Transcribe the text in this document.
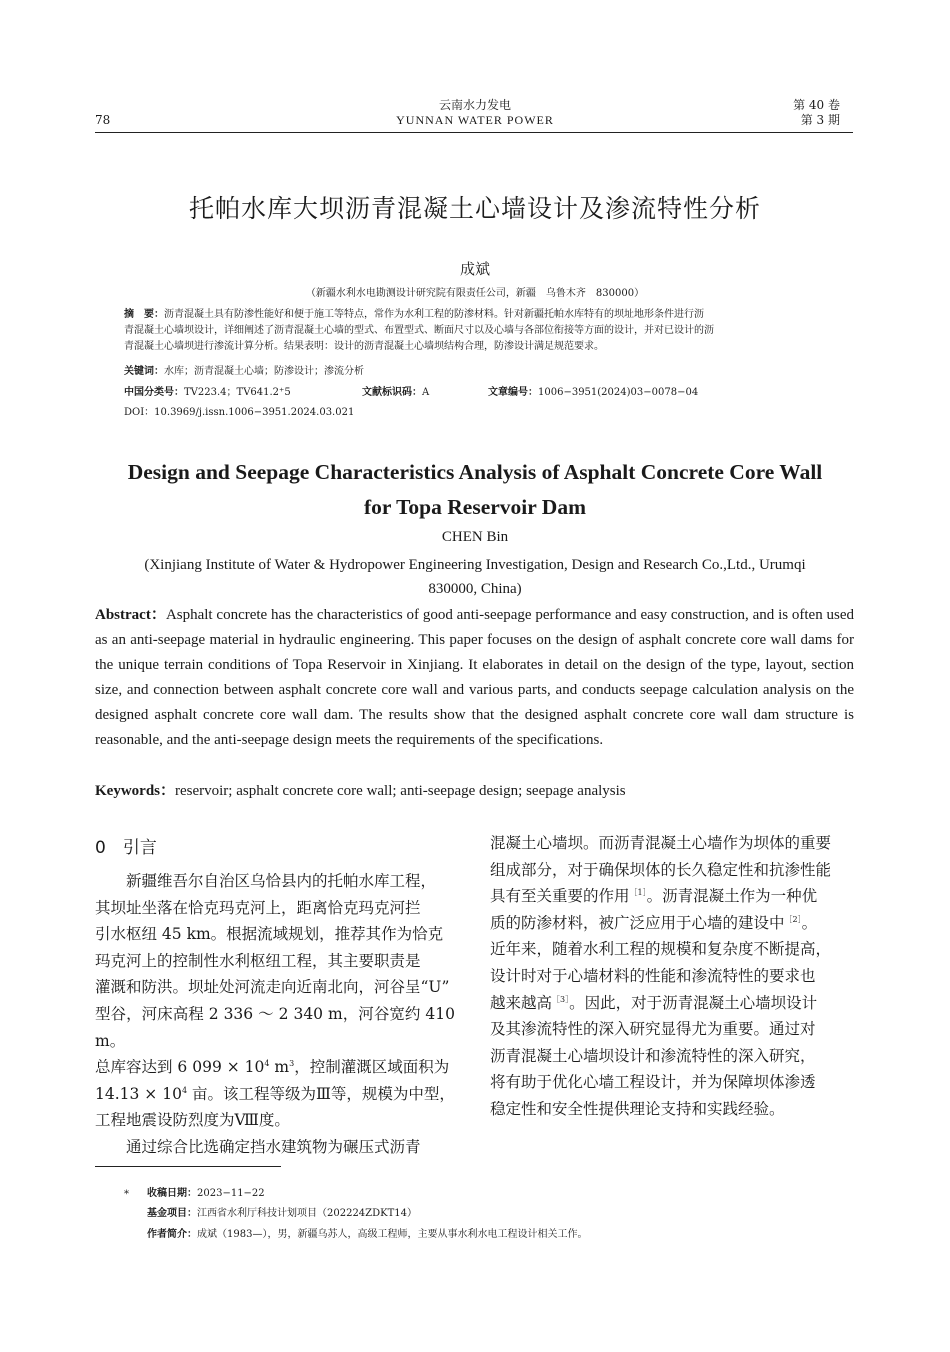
78
云南水力发电
YUNNAN WATER POWER
第 40 卷
第 3 期
托帕水库大坝沥青混凝土心墙设计及渗流特性分析
成斌
（新疆水利水电勘测设计研究院有限责任公司，新疆　乌鲁木齐　830000）
摘　要：沥青混凝土具有防渗性能好和便于施工等特点，常作为水利工程的防渗材料。针对新疆托帕水库特有的坝址地形条件进行沥
青混凝土心墙坝设计，详细阐述了沥青混凝土心墙的型式、布置型式、断面尺寸以及心墙与各部位衔接等方面的设计，并对已设计的沥
青混凝土心墙坝进行渗流计算分析。结果表明：设计的沥青混凝土心墙坝结构合理，防渗设计满足规范要求。
关键词：水库；沥青混凝土心墙；防渗设计；渗流分析
中国分类号：TV223.4；TV641.2⁺5	文献标识码：A	文章编号：1006−3951(2024)03−0078−04
DOI：10.3969/j.issn.1006−3951.2024.03.021
Design and Seepage Characteristics Analysis of Asphalt Concrete Core Wall
for Topa Reservoir Dam
CHEN Bin
(Xinjiang Institute of Water & Hydropower Engineering Investigation, Design and Research Co.,Ltd., Urumqi
830000, China)
Abstract：Asphalt concrete has the characteristics of good anti-seepage performance and easy construction, and is often used as an anti-seepage material in hydraulic engineering. This paper focuses on the design of asphalt concrete core wall dams for the unique terrain conditions of Topa Reservoir in Xinjiang. It elaborates in detail on the design of the type, layout, section size, and connection between asphalt concrete core wall and various parts, and conducts seepage calculation analysis on the designed asphalt concrete core wall dam. The results show that the designed asphalt concrete core wall dam structure is reasonable, and the anti-seepage design meets the requirements of the specifications.
Keywords：reservoir; asphalt concrete core wall; anti-seepage design; seepage analysis
0　引言

新疆维吾尔自治区乌恰县内的托帕水库工程，

其坝址坐落在恰克玛克河上，距离恰克玛克河拦

引水枢纽 45 km。根据流域规划，推荐其作为恰克

玛克河上的控制性水利枢纽工程，其主要职责是

灌溉和防洪。坝址处河流走向近南北向，河谷呈“U”

型谷，河床高程 2 336 ～ 2 340 m，河谷宽约 410 m。

总库容达到 6 $099 \times 10^4$ $m^3$，控制灌溉区域面积为

$14.13 \times 10^4$ 亩。该工程等级为Ⅲ等，规模为中型，

工程地震设防烈度为Ⅷ度。

通过综合比选确定挡水建筑物为碾压式沥青

混凝土心墙坝。而沥青混凝土心墙作为坝体的重要

组成部分，对于确保坝体的长久稳定性和抗渗性能

具有至关重要的作用$^{[1]}$。沥青混凝土作为一种优

质的防渗材料，被广泛应用于心墙的建设中$^{[2]}$。

近年来，随着水利工程的规模和复杂度不断提高，

设计时对于心墙材料的性能和渗流特性的要求也

越来越高$^{[3]}$。因此，对于沥青混凝土心墙坝设计

及其渗流特性的深入研究显得尤为重要。通过对

沥青混凝土心墙坝设计和渗流特性的深入研究，

将有助于优化心墙工程设计，并为保障坝体渗透

稳定性和安全性提供理论支持和实践经验。

* 收稿日期：2023−11−22
基金项目：江西省水利厅科技计划项目（202224ZDKT14）
作者简介：成斌（1983—），男，新疆乌苏人，高级工程师，主要从事水利水电工程设计相关工作。
